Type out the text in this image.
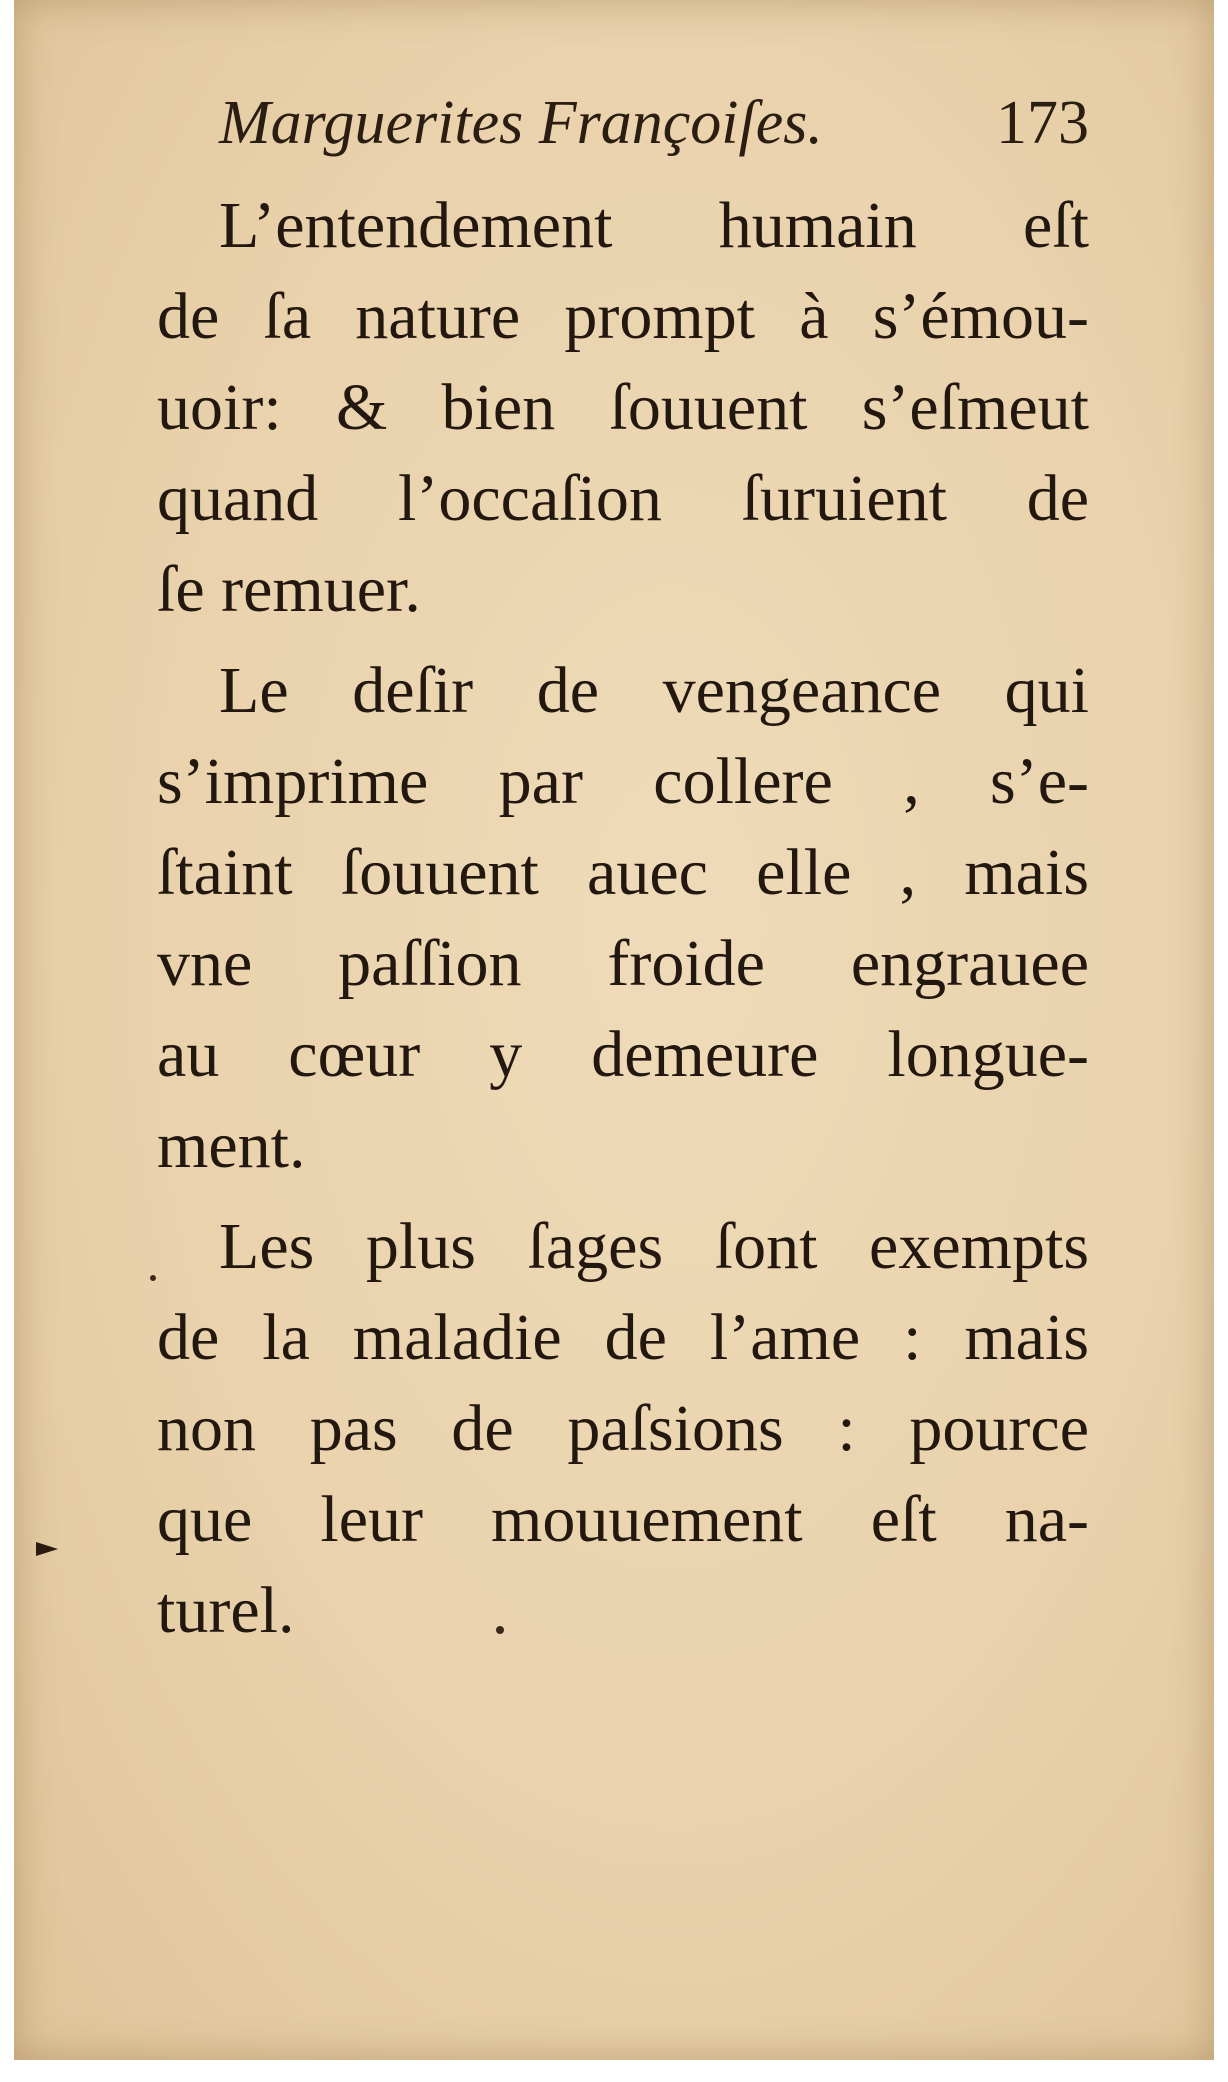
Marguerites Françoiſes.	173
L’entendement humain eſt
de ſa nature prompt à s’émou-
uoir: & bien ſouuent s’eſmeut
quand l’occaſion ſuruient de
ſe remuer.
Le deſir de vengeance qui
s’imprime par collere , s’e-
ſtaint ſouuent auec elle , mais
vne paſſion froide engrauee
au cœur y demeure longue-
ment.
Les plus ſages ſont exempts
de la maladie de l’ame : mais
non pas de paſsions : pource
que leur mouuement eſt na-
turel.
